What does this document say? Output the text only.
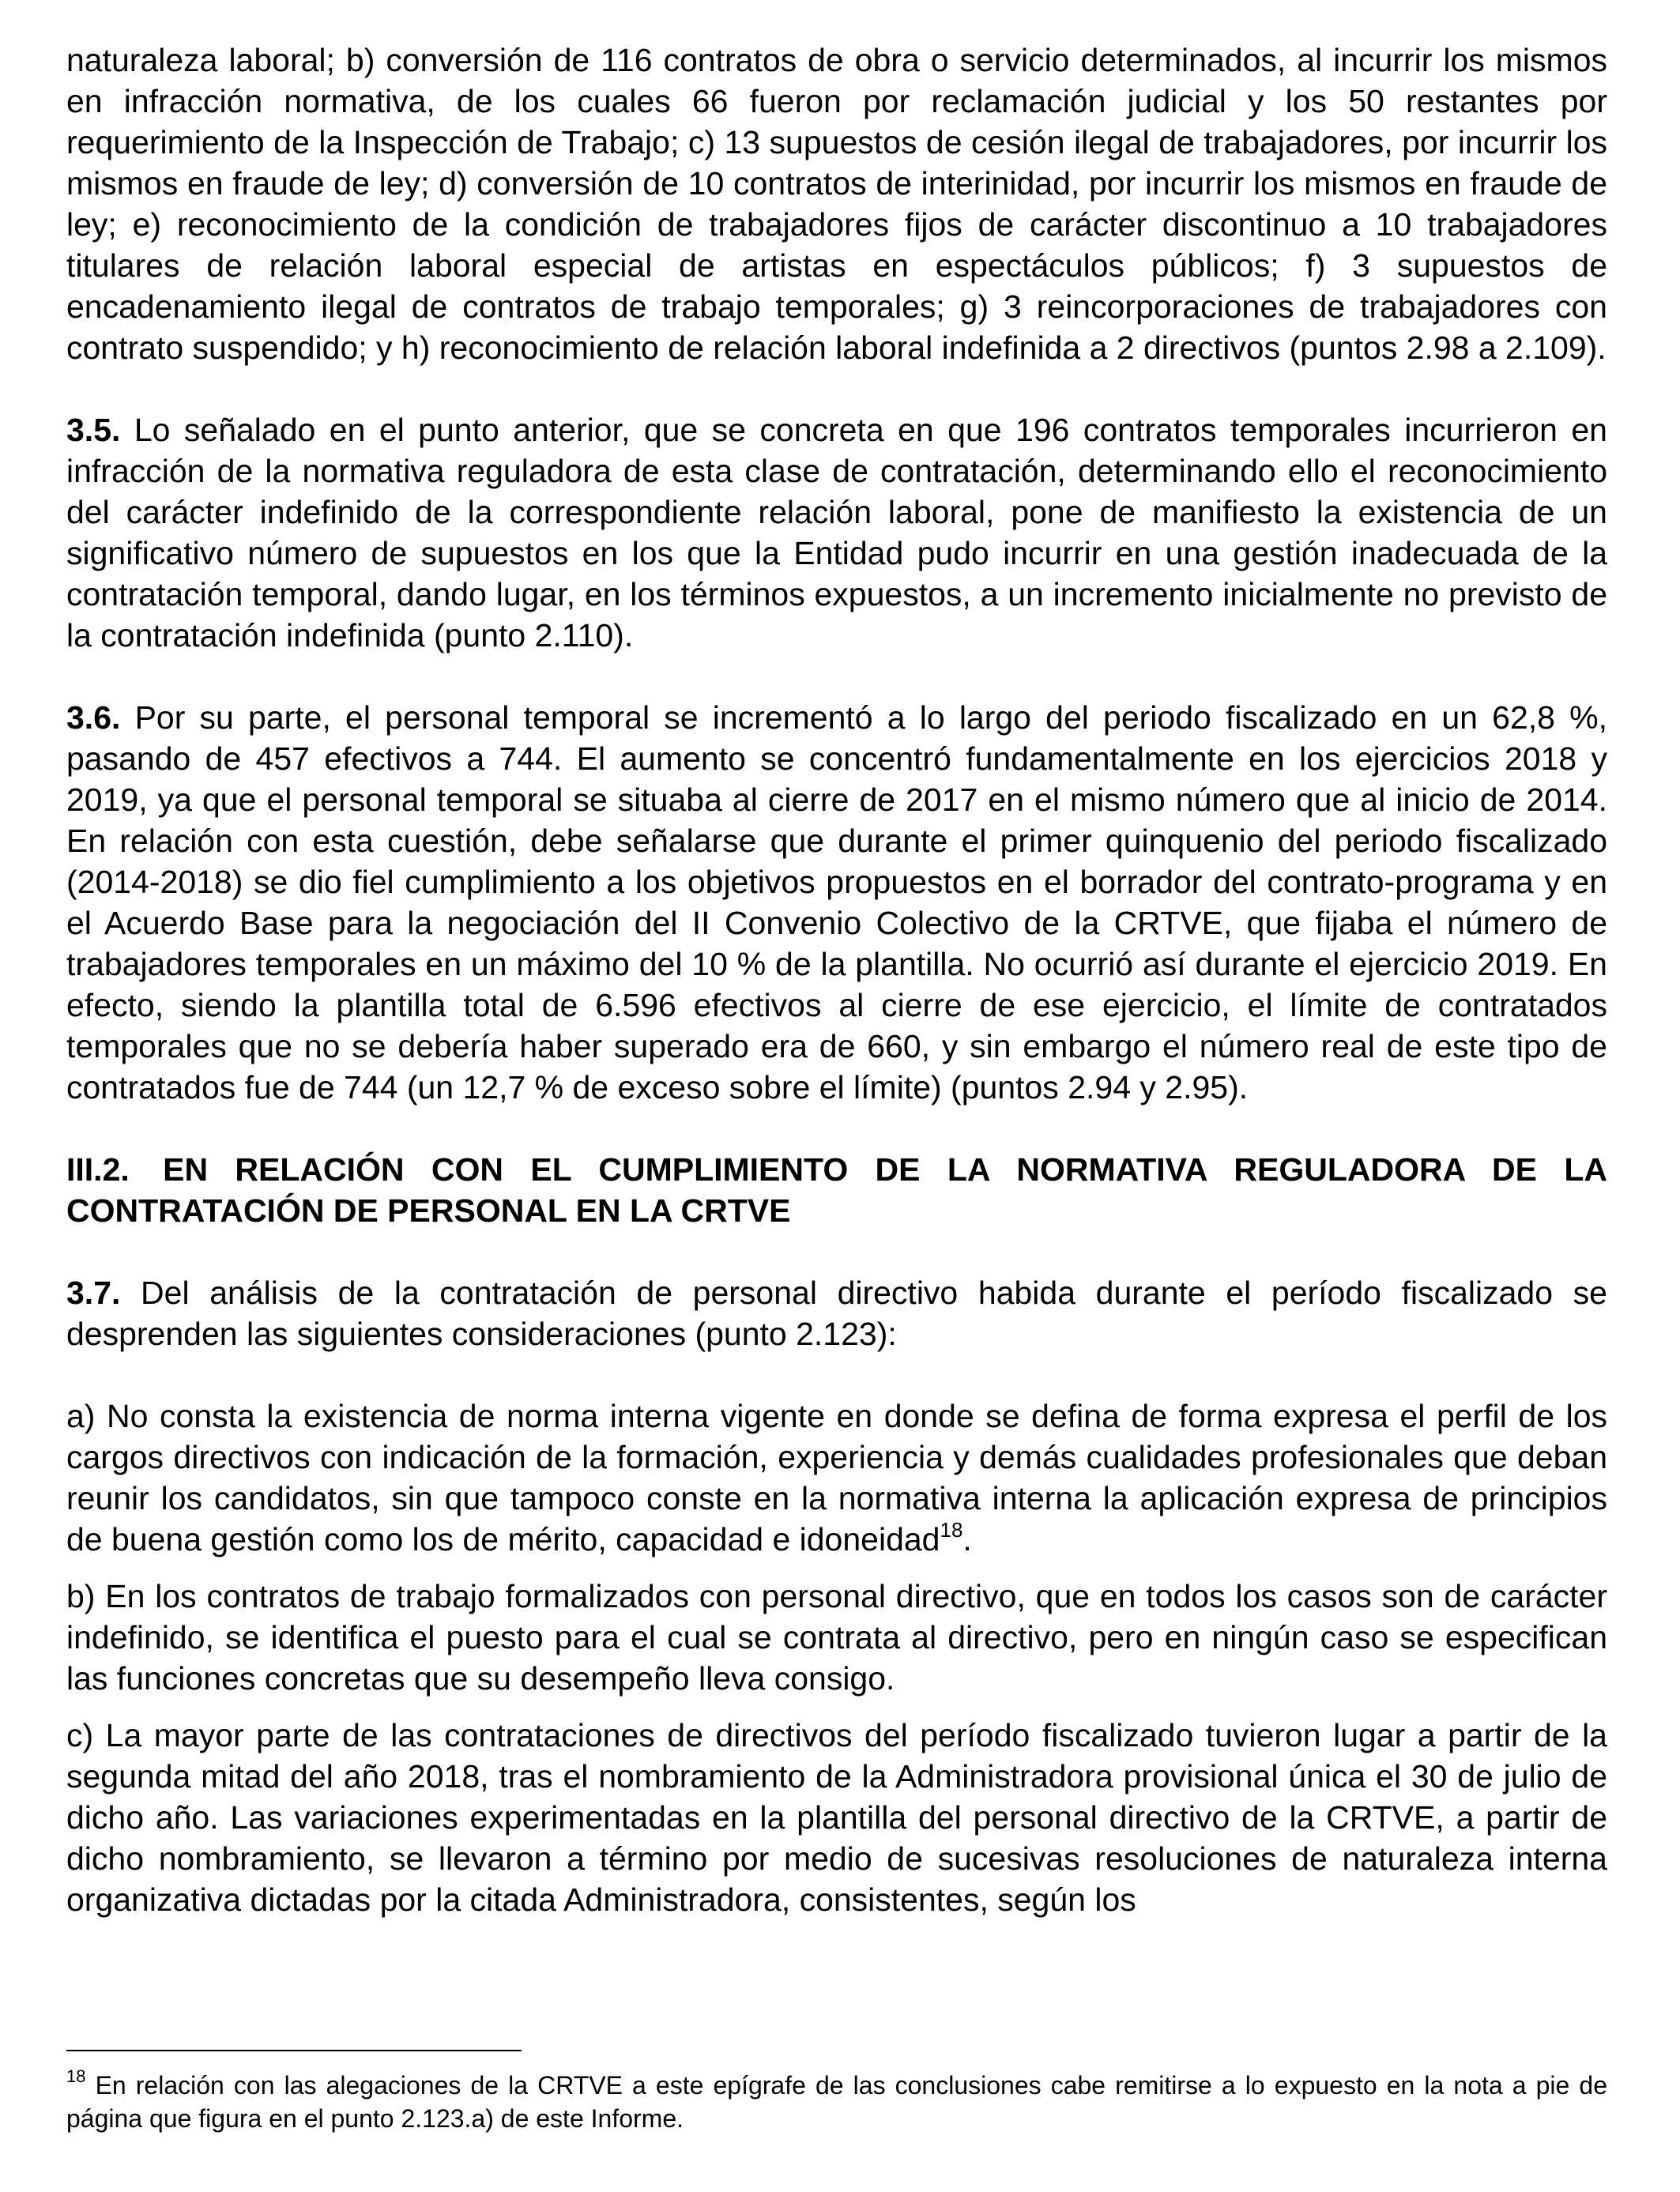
naturaleza laboral; b) conversión de 116 contratos de obra o servicio determinados, al incurrir los mismos en infracción normativa, de los cuales 66 fueron por reclamación judicial y los 50 restantes por requerimiento de la Inspección de Trabajo; c) 13 supuestos de cesión ilegal de trabajadores, por incurrir los mismos en fraude de ley; d) conversión de 10 contratos de interinidad, por incurrir los mismos en fraude de ley; e) reconocimiento de la condición de trabajadores fijos de carácter discontinuo a 10 trabajadores titulares de relación laboral especial de artistas en espectáculos públicos; f) 3 supuestos de encadenamiento ilegal de contratos de trabajo temporales; g) 3 reincorporaciones de trabajadores con contrato suspendido; y h) reconocimiento de relación laboral indefinida a 2 directivos (puntos 2.98 a 2.109).

3.5. Lo señalado en el punto anterior, que se concreta en que 196 contratos temporales incurrieron en infracción de la normativa reguladora de esta clase de contratación, determinando ello el reconocimiento del carácter indefinido de la correspondiente relación laboral, pone de manifiesto la existencia de un significativo número de supuestos en los que la Entidad pudo incurrir en una gestión inadecuada de la contratación temporal, dando lugar, en los términos expuestos, a un incremento inicialmente no previsto de la contratación indefinida (punto 2.110).

3.6. Por su parte, el personal temporal se incrementó a lo largo del periodo fiscalizado en un 62,8 %, pasando de 457 efectivos a 744. El aumento se concentró fundamentalmente en los ejercicios 2018 y 2019, ya que el personal temporal se situaba al cierre de 2017 en el mismo número que al inicio de 2014. En relación con esta cuestión, debe señalarse que durante el primer quinquenio del periodo fiscalizado (2014-2018) se dio fiel cumplimiento a los objetivos propuestos en el borrador del contrato-programa y en el Acuerdo Base para la negociación del II Convenio Colectivo de la CRTVE, que fijaba el número de trabajadores temporales en un máximo del 10 % de la plantilla. No ocurrió así durante el ejercicio 2019. En efecto, siendo la plantilla total de 6.596 efectivos al cierre de ese ejercicio, el límite de contratados temporales que no se debería haber superado era de 660, y sin embargo el número real de este tipo de contratados fue de 744 (un 12,7 % de exceso sobre el límite) (puntos 2.94 y 2.95).

III.2. EN RELACIÓN CON EL CUMPLIMIENTO DE LA NORMATIVA REGULADORA DE LA CONTRATACIÓN DE PERSONAL EN LA CRTVE

3.7. Del análisis de la contratación de personal directivo habida durante el período fiscalizado se desprenden las siguientes consideraciones (punto 2.123):

a) No consta la existencia de norma interna vigente en donde se defina de forma expresa el perfil de los cargos directivos con indicación de la formación, experiencia y demás cualidades profesionales que deban reunir los candidatos, sin que tampoco conste en la normativa interna la aplicación expresa de principios de buena gestión como los de mérito, capacidad e idoneidad$^{18}$.

b) En los contratos de trabajo formalizados con personal directivo, que en todos los casos son de carácter indefinido, se identifica el puesto para el cual se contrata al directivo, pero en ningún caso se especifican las funciones concretas que su desempeño lleva consigo.

c) La mayor parte de las contrataciones de directivos del período fiscalizado tuvieron lugar a partir de la segunda mitad del año 2018, tras el nombramiento de la Administradora provisional única el 30 de julio de dicho año. Las variaciones experimentadas en la plantilla del personal directivo de la CRTVE, a partir de dicho nombramiento, se llevaron a término por medio de sucesivas resoluciones de naturaleza interna organizativa dictadas por la citada Administradora, consistentes, según los

$^{18}$ En relación con las alegaciones de la CRTVE a este epígrafe de las conclusiones cabe remitirse a lo expuesto en la nota a pie de página que figura en el punto 2.123.a) de este Informe.
